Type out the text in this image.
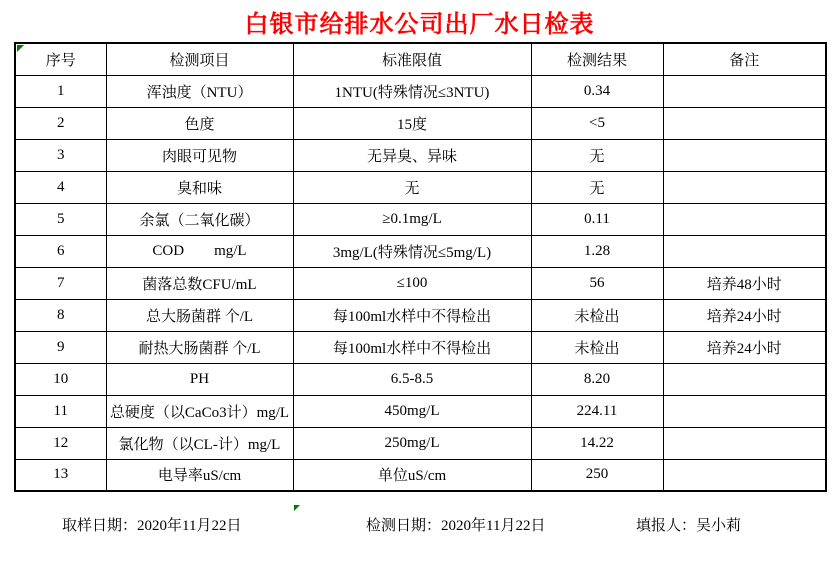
白银市给排水公司出厂水日检表
序号	检测项目	标准限值	检测结果	备注
1	浑浊度（NTU）	1NTU(特殊情况≤3NTU)	0.34	
2	色度	15度	<5	
3	肉眼可见物	无异臭、异味	无	
4	臭和味	无	无	
5	余氯（二氧化碳）	≥0.1mg/L	0.11	
6	COD        mg/L	3mg/L(特殊情况≤5mg/L)	1.28	
7	菌落总数CFU/mL	≤100	56	培养48小时
8	总大肠菌群 个/L	每100ml水样中不得检出	未检出	培养24小时
9	耐热大肠菌群 个/L	每100ml水样中不得检出	未检出	培养24小时
10	PH	6.5-8.5	8.20	
11	总硬度（以CaCo3计）mg/L	450mg/L	224.11	
12	氯化物（以CL-计）mg/L	250mg/L	14.22	
13	电导率uS/cm	单位uS/cm	250	
取样日期：2020年11月22日	检测日期：2020年11月22日	填报人：吴小莉
